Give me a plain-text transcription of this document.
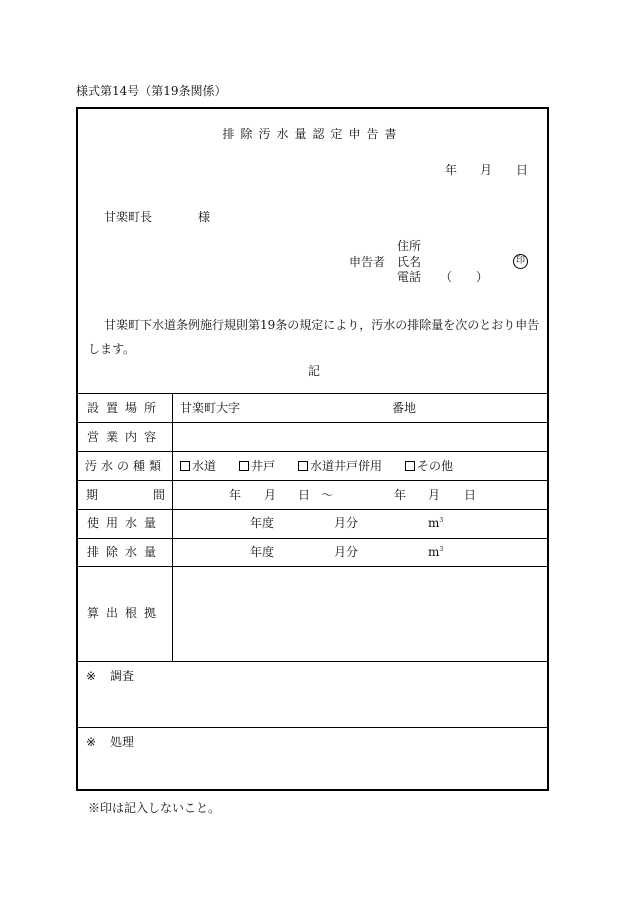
様式第14号（第19条関係）
排除汚水量認定申告書
年 月 日
甘楽町長	様
住所
申告者 氏名	印
電話 （　　）
甘楽町下水道条例施行規則第19条の規定により，汚水の排除量を次のとおり申告
します。
記
設置場所	甘楽町大字	番地
営業内容
汚水の種類	水道	井戸	水道井戸併用	その他
期	間	年 月 日 ～	年 月 日
使用水量	年度	月分	$m^3$
排除水量	年度	月分	$m^3$
算出根拠
※ 調査
※ 処理
※印は記入しないこと。
